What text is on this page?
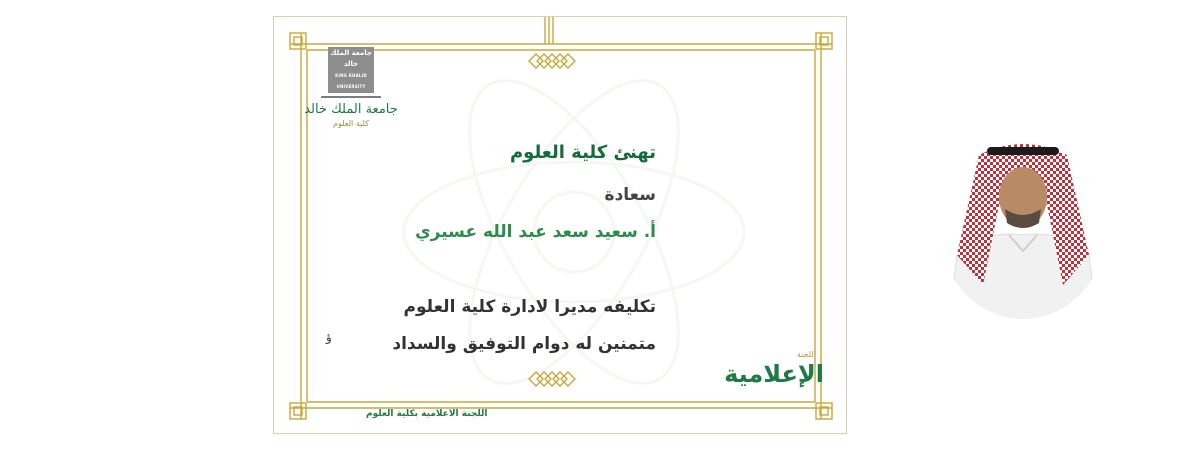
جامعة الملك خالد
KING KHALID UNIVERSITY
جامعة الملك خالد
كلية العلوم
تهنئ كلية العلوم
سعادة
أ. سعيد سعد عبد الله عسيري
تكليفه مديرا لادارة كلية العلوم
متمنين له دوام التوفيق والسداد
ؤ
اللجنة الاعلامية بكلية العلوم
اللجنة
الإعلامية
